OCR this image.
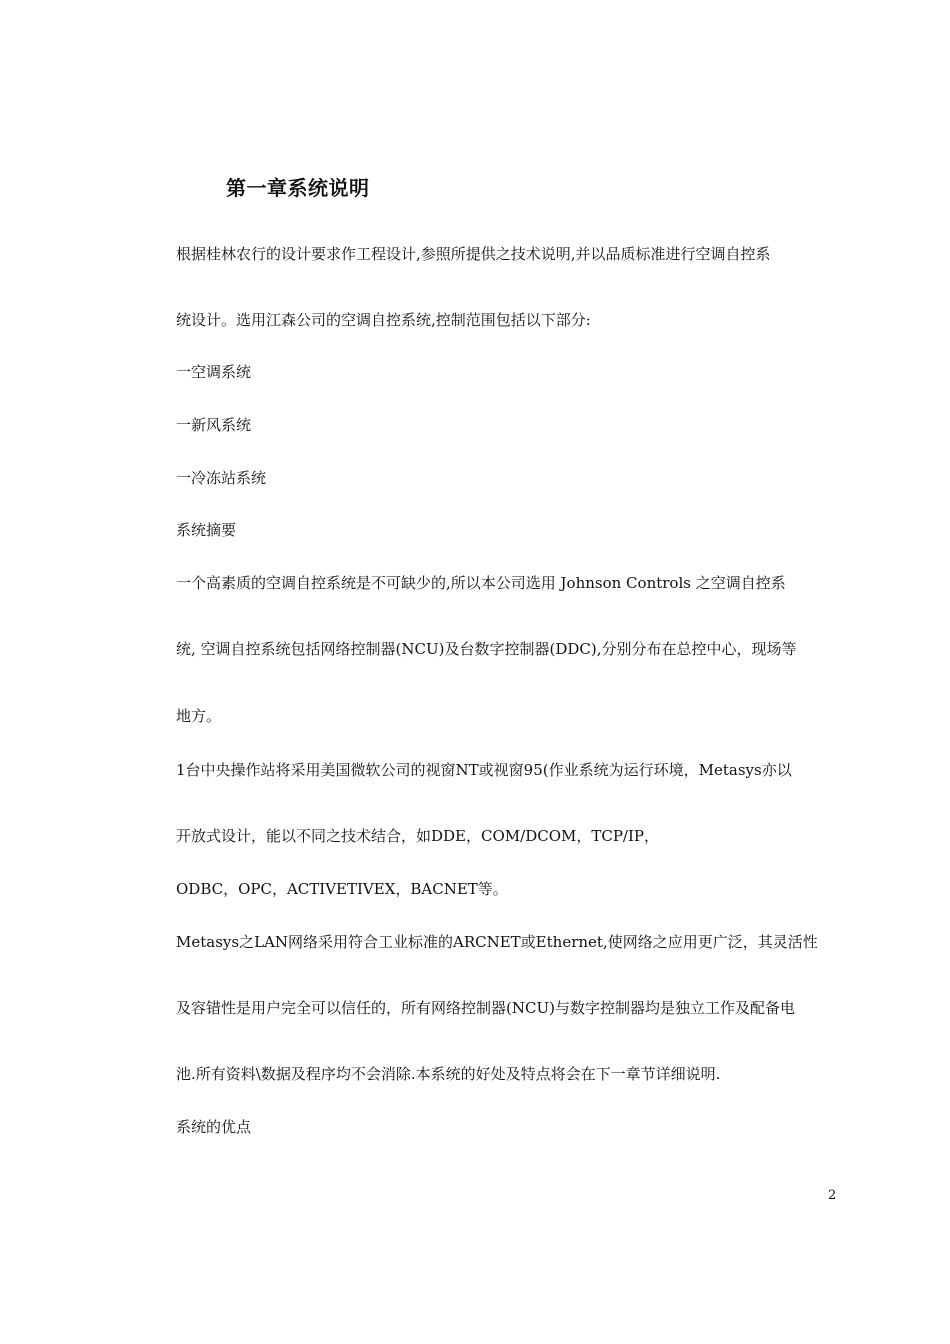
第一章系统说明
根据桂林农行的设计要求作工程设计,参照所提供之技术说明,并以品质标准进行空调自控系
统设计。选用江森公司的空调自控系统,控制范围包括以下部分:
一空调系统
一新风系统
一冷冻站系统
系统摘要
一个高素质的空调自控系统是不可缺少的,所以本公司选用 Johnson Controls 之空调自控系
统, 空调自控系统包括网络控制器(NCU)及台数字控制器(DDC),分别分布在总控中心，现场等
地方。
1台中央操作站将采用美国微软公司的视窗NT或视窗95(作业系统为运行环境，Metasys亦以
开放式设计，能以不同之技术结合，如DDE，COM/DCOM，TCP/IP，
ODBC，OPC，ACTIVETIVEX，BACNET等。
Metasys之LAN网络采用符合工业标准的ARCNET或Ethernet,使网络之应用更广泛，其灵活性
及容错性是用户完全可以信任的，所有网络控制器(NCU)与数字控制器均是独立工作及配备电
池.所有资料\数据及程序均不会消除.本系统的好处及特点将会在下一章节详细说明.
系统的优点
2
